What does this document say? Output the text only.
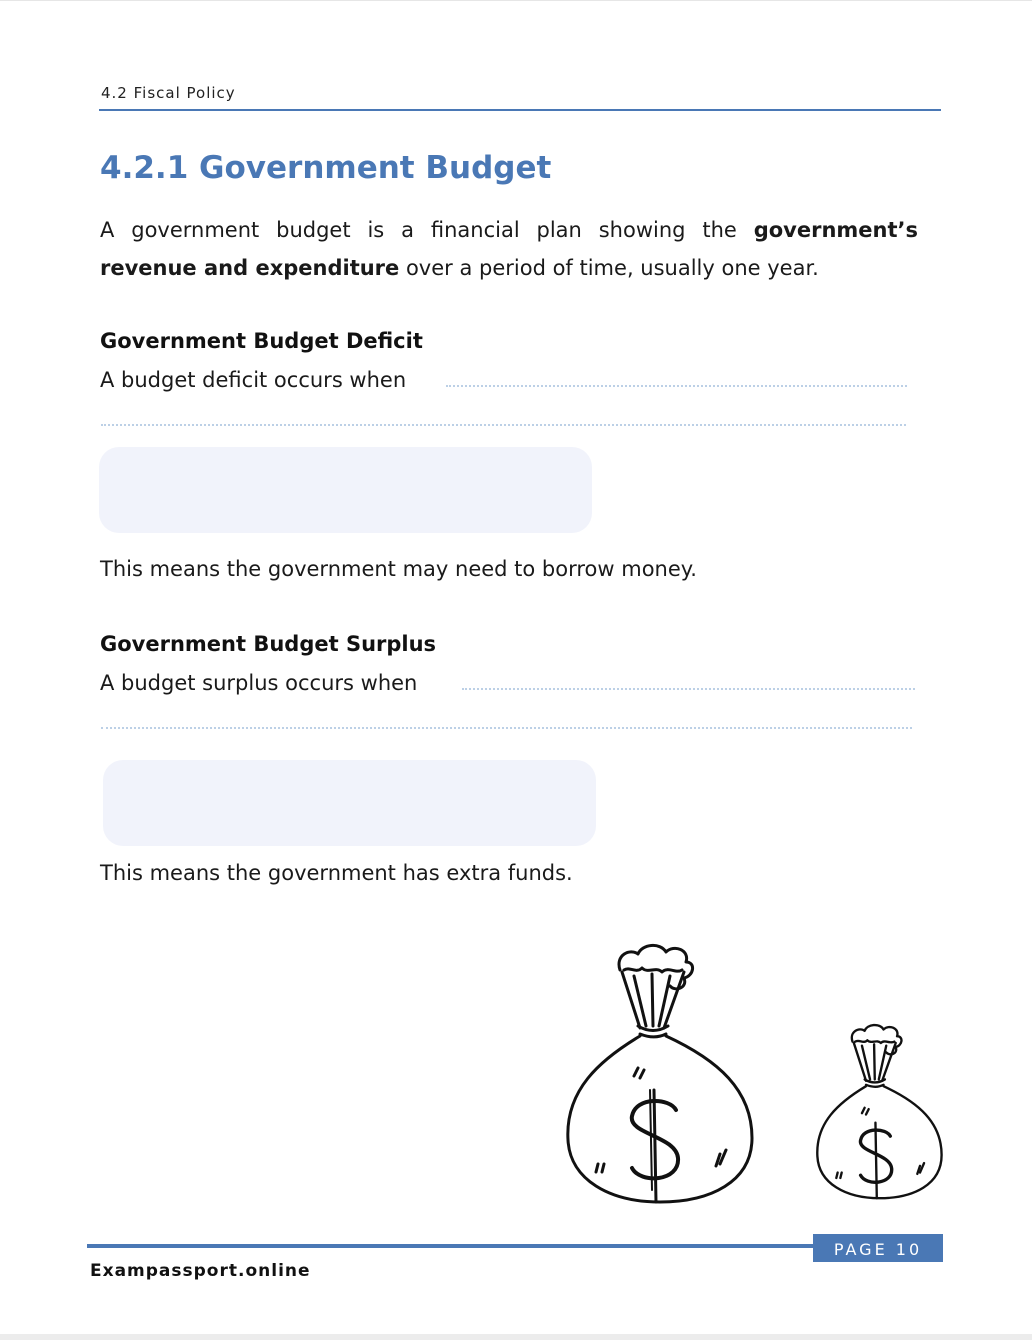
4.2 Fiscal Policy
4.2.1 Government Budget

A government budget is a financial plan showing the government’s revenue and expenditure over a period of time, usually one year.

Government Budget Deficit
A budget deficit occurs when
This means the government may need to borrow money.
Government Budget Surplus
A budget surplus occurs when
This means the government has extra funds.
PAGE 10
Exampassport.online
